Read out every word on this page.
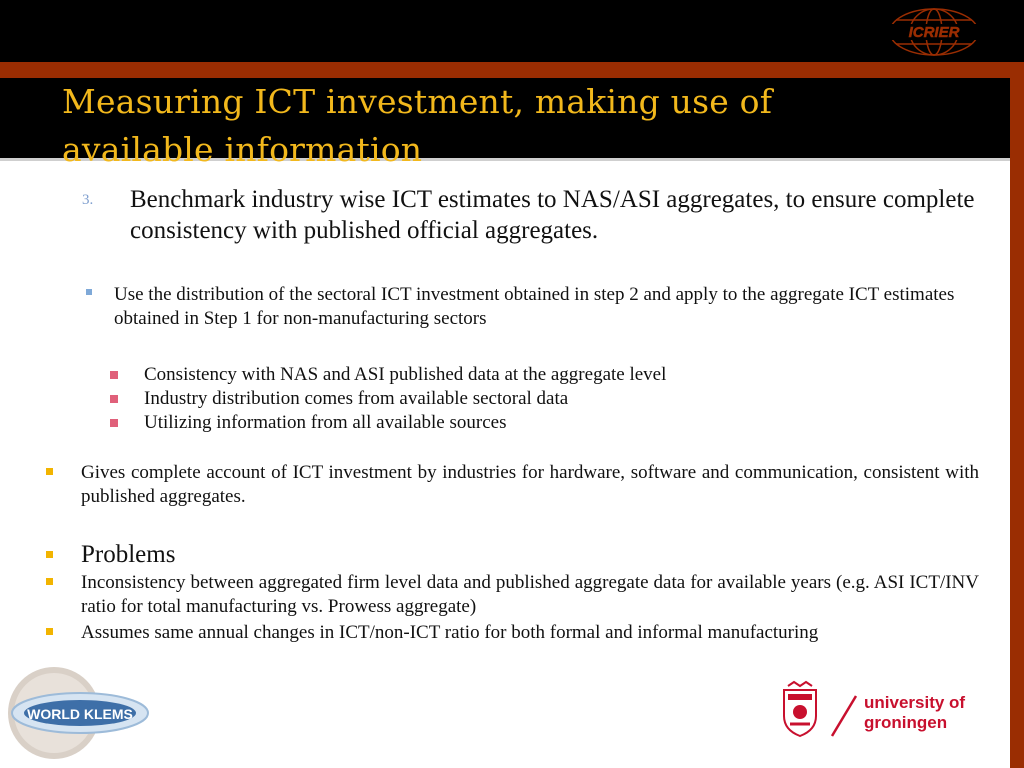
Measuring ICT investment, making use of
available information
ICRIER
3. Benchmark industry wise ICT estimates to NAS/ASI aggregates, to ensure complete consistency with published official aggregates.
Use the distribution of the sectoral ICT investment obtained in step 2 and apply to the aggregate ICT estimates obtained in Step 1 for non-manufacturing sectors
Consistency with NAS and ASI published data at the aggregate level
Industry distribution comes from available sectoral data
Utilizing information from all available sources
Gives complete account of ICT investment by industries for hardware, software and communication, consistent with published aggregates.
Problems
Inconsistency between aggregated firm level data and published aggregate data for available years (e.g. ASI ICT/INV ratio for total manufacturing vs. Prowess aggregate)
Assumes same annual changes in ICT/non-ICT ratio for both formal and informal manufacturing
WORLD KLEMS
university of
groningen
